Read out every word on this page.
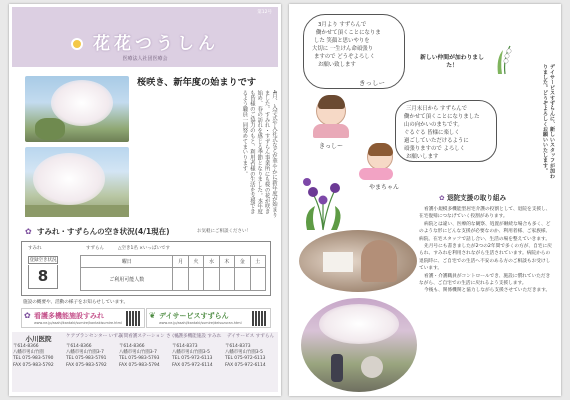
第12号
花花つうしん
医療法人社団医療会
桜咲き、新年度の始まりです
4月、入学式や入社式などが華やかに新年度が始まりました。すみれ・すずらん事業所にも桜の花が咲き始め、春の訪れを感じる季節となりました。本年度も皆様のご協力のもと、利用者様の生活を支援できるよう職員一同努めてまいります。
✿ すみれ・すずらんの空き状況(4/1現在)	お気軽にご相談ください！
すみれ	すずらん	△空き1名 ×いっぱいです
登録空き状況
8
曜日	月	火	水	木	金	土
ご利用可能人数						
施設の概要や、活動の様子をお知らせしています。
✿ 看護多機能施設すみれ
www.ne.jp/asahi/kantaki/sumire/kantakisumire.html
❦ デイサービスすずらん
www.ne.jp/asahi/kantaki/sumire/deisuzuran.html
小川医院
〒614-8366
八幡市男山竹園
TEL 075-983-5790
FAX 075-983-5792
ケアプランセンター いずみ
〒614-8366
八幡市男山竹園3-7
TEL 075-983-5791
FAX 075-983-5792
訪問看護ステーション さくら
〒614-8366
八幡市男山竹園3-7
TEL 075-983-5793
FAX 075-983-5794
看護多機能施設 すみれ
〒614-8373
八幡市男山竹園3-5
TEL 075-972-6113
FAX 075-972-6114
デイサービス すずらん
〒614-8373
八幡市男山竹園3-5
TEL 075-972-6113
FAX 075-972-6114
3月より すずらんで
働かせて頂くことになりま
した 笑顔と思いやりを
大切に 一生けん命頑張り
ますので どうぞよろしく
お願い致します
きっしー
きっしー
新しい仲間が加わりました！	デイサービスすずらんに、新しいスタッフが加わりました。どうぞよろしくお願いいたします。
三月末日から すずらんで
働かせて頂くことになりました
山の向かいのまちです。
ぐるぐる 皆様に楽しく
過ごしていただけるように
頑張りますので よろしく
お願いします
やまちゃん
✿ 退院支援の取り組み

看護小規模多機能型居宅介護の役割として、退院を支援し、在宅復帰につなげていく役割があります。

病院とは違い、医療的な観察、処置が継続な場合も多く、どのような形にどんな支援が必要なのか、利用者様、ご家族様、病院、在宅スタッフで話し合い、生活の場を整えていきます。

先月号にも書きましたが2つの2年間で多くの方が、自宅に戻られ、すみれを利用されながら生活されています。病院からの退院時に、ご自宅での生活へ不安のある方のご相談もお受けしています。

看護・介護職員がコントロールでき、施設に慣れていただきながら、ご自宅での生活に戻れるよう支援します。

今後も、関係機関と協力しながら支援させていただきます。
